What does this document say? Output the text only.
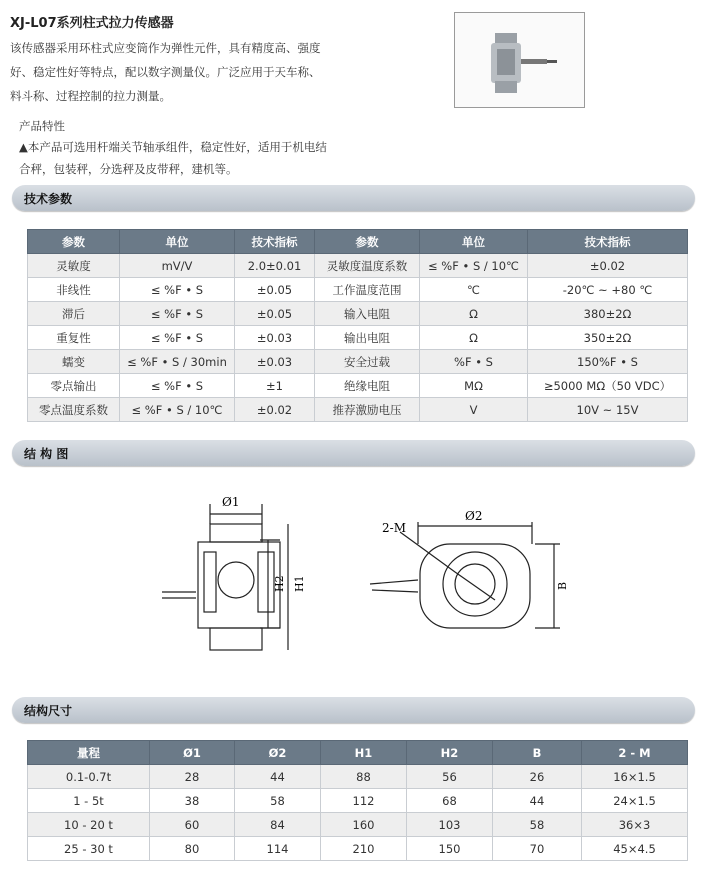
XJ-L07系列柱式拉力传感器
该传感器采用环柱式应变筒作为弹性元件，具有精度高、强度好、稳定性好等特点，配以数字测量仪。广泛应用于天车称、料斗称、过程控制的拉力测量。
产品特性
▲本产品可选用杆端关节轴承组件，稳定性好，适用于机电结合秤，包装秤，分选秤及皮带秤，建机等。
技术参数
参数	单位	技术指标	参数	单位	技术指标
灵敏度	mV/V	2.0±0.01	灵敏度温度系数	≤ %F • S / 10℃	±0.02
非线性	≤ %F • S	±0.05	工作温度范围	℃	-20℃ ~ +80 ℃
滞后	≤ %F • S	±0.05	输入电阻	Ω	380±2Ω
重复性	≤ %F • S	±0.03	输出电阻	Ω	350±2Ω
蠕变	≤ %F • S / 30min	±0.03	安全过载	%F • S	150%F • S
零点输出	≤ %F • S	±1	绝缘电阻	MΩ	≥5000 MΩ（50 VDC）
零点温度系数	≤ %F • S / 10℃	±0.02	推荐激励电压	V	10V ~ 15V
结 构 图
Ø1
Ø2
H2 H1	B
2-M
结构尺寸
量程	Ø1	Ø2	H1	H2	B	2 - M
0.1-0.7t	28	44	88	56	26	16×1.5
1 - 5t	38	58	112	68	44	24×1.5
10 - 20 t	60	84	160	103	58	36×3
25 - 30 t	80	114	210	150	70	45×4.5
